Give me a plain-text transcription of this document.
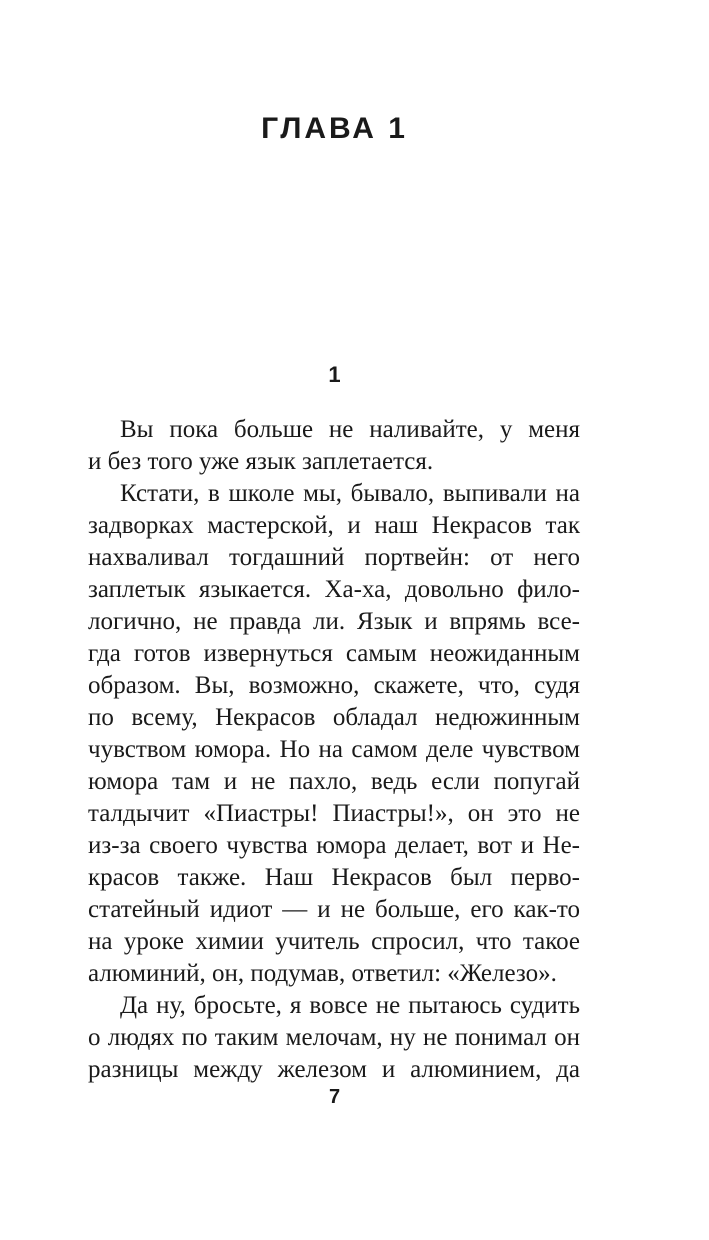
ГЛАВА 1
1
Вы пока больше не наливайте, у меня
и без того уже язык заплетается.
Кстати, в школе мы, бывало, выпивали на
задворках мастерской, и наш Некрасов так
нахваливал тогдашний портвейн: от него
заплетык языкается. Ха-ха, довольно фило-
логично, не правда ли. Язык и впрямь все-
гда готов извернуться самым неожиданным
образом. Вы, возможно, скажете, что, судя
по всему, Некрасов обладал недюжинным
чувством юмора. Но на самом деле чувством
юмора там и не пахло, ведь если попугай
талдычит «Пиастры! Пиастры!», он это не
из-за своего чувства юмора делает, вот и Не-
красов также. Наш Некрасов был перво-
статейный идиот — и не больше, его как-то
на уроке химии учитель спросил, что такое
алюминий, он, подумав, ответил: «Железо».
Да ну, бросьте, я вовсе не пытаюсь судить
о людях по таким мелочам, ну не понимал он
разницы между железом и алюминием, да
7
